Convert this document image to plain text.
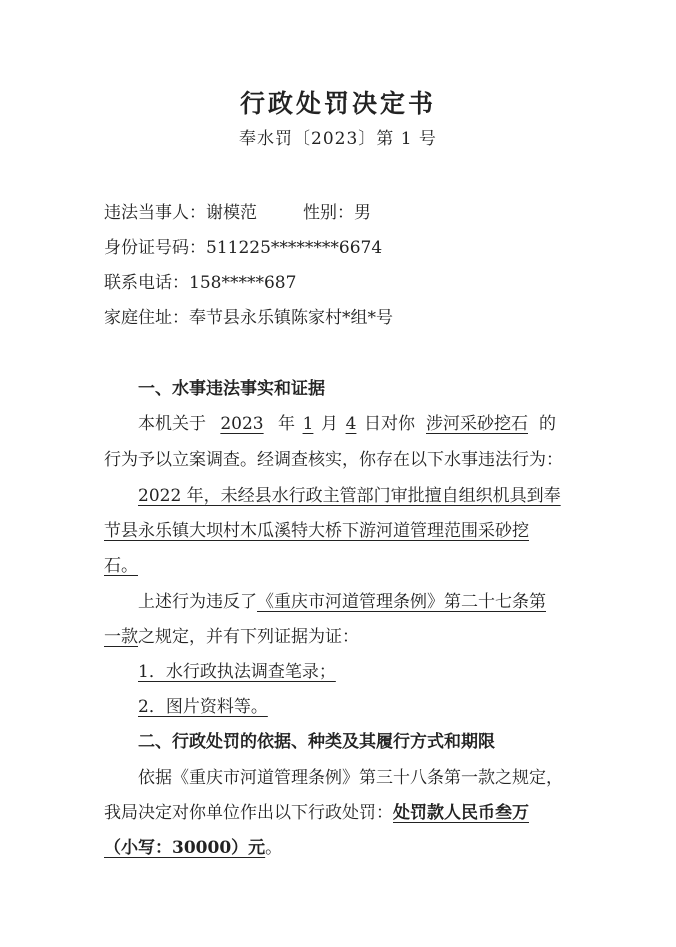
行政处罚决定书
奉水罚〔2023〕第 1 号
违法当事人：谢模范	性别：男
身份证号码：511225********6674
联系电话：158*****687
家庭住址：奉节县永乐镇陈家村*组*号
一、水事违法事实和证据
本机关于 2023 年 1 月 4 日对你 涉河采砂挖石 的
行为予以立案调查。经调查核实，你存在以下水事违法行为：
2022 年，未经县水行政主管部门审批擅自组织机具到奉
节县永乐镇大坝村木瓜溪特大桥下游河道管理范围采砂挖
石。
上述行为违反了《重庆市河道管理条例》第二十七条第
一款之规定，并有下列证据为证：
1．水行政执法调查笔录；
2．图片资料等。
二、行政处罚的依据、种类及其履行方式和期限
依据《重庆市河道管理条例》第三十八条第一款之规定，
我局决定对你单位作出以下行政处罚：处罚款人民币叁万
（小写：30000）元。
